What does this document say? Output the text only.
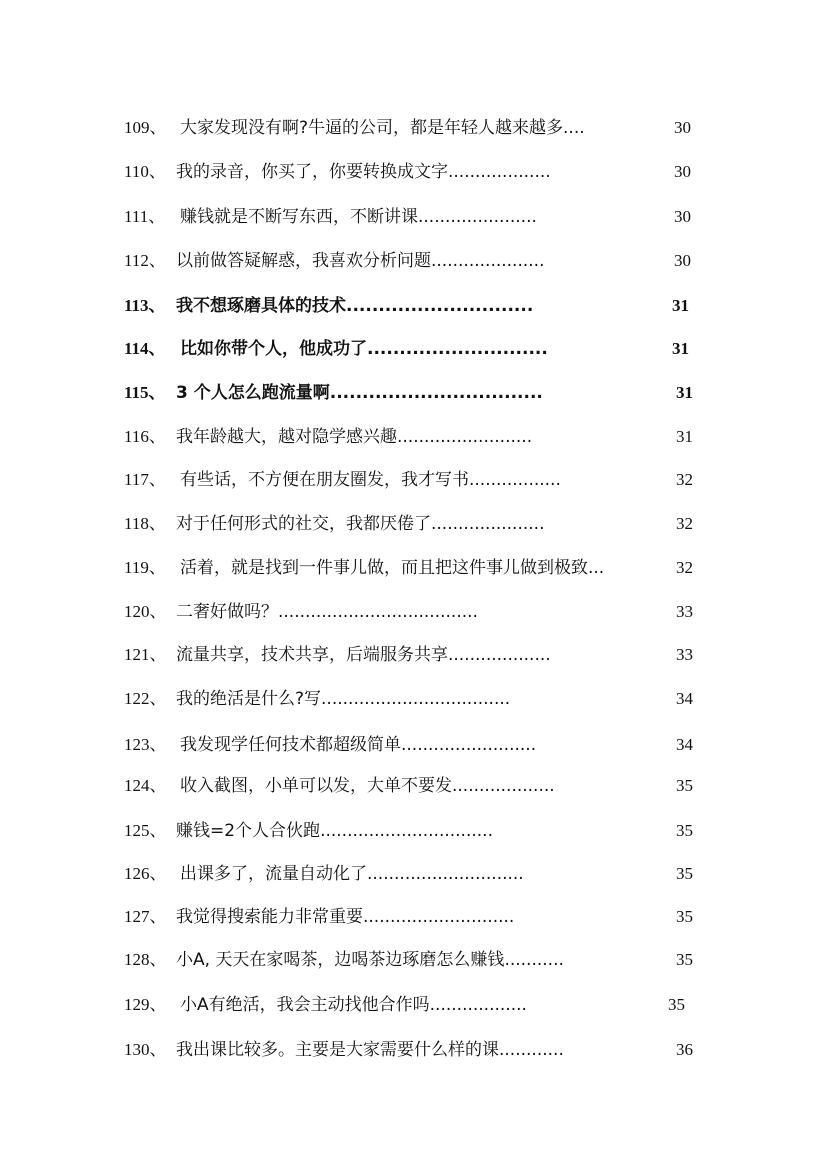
109、 大家发现没有啊?牛逼的公司，都是年轻人越来越多....	30
110、 我的录音，你买了，你要转换成文字...................	30
111、 赚钱就是不断写东西，不断讲课......................	30
112、 以前做答疑解惑，我喜欢分析问题.....................	30
113、 我不想琢磨具体的技术.............................	31
114、 比如你带个人，他成功了............................	31
115、 3 个人怎么跑流量啊.................................	31
116、 我年龄越大，越对隐学感兴趣.........................	31
117、 有些话，不方便在朋友圈发，我才写书.................	32
118、 对于任何形式的社交，我都厌倦了.....................	32
119、 活着，就是找到一件事儿做，而且把这件事儿做到极致...	32
120、 二奢好做吗？.....................................	33
121、 流量共享，技术共享，后端服务共享...................	33
122、 我的绝活是什么?写...................................	34
123、 我发现学任何技术都超级简单.........................	34
124、 收入截图，小单可以发，大单不要发...................	35
125、 赚钱=2个人合伙跑................................	35
126、 出课多了，流量自动化了.............................	35
127、 我觉得搜索能力非常重要............................	35
128、 小A, 天天在家喝茶，边喝茶边琢磨怎么赚钱...........	35
129、 小A有绝活，我会主动找他合作吗..................	35
130、 我出课比较多。主要是大家需要什么样的课............	36
